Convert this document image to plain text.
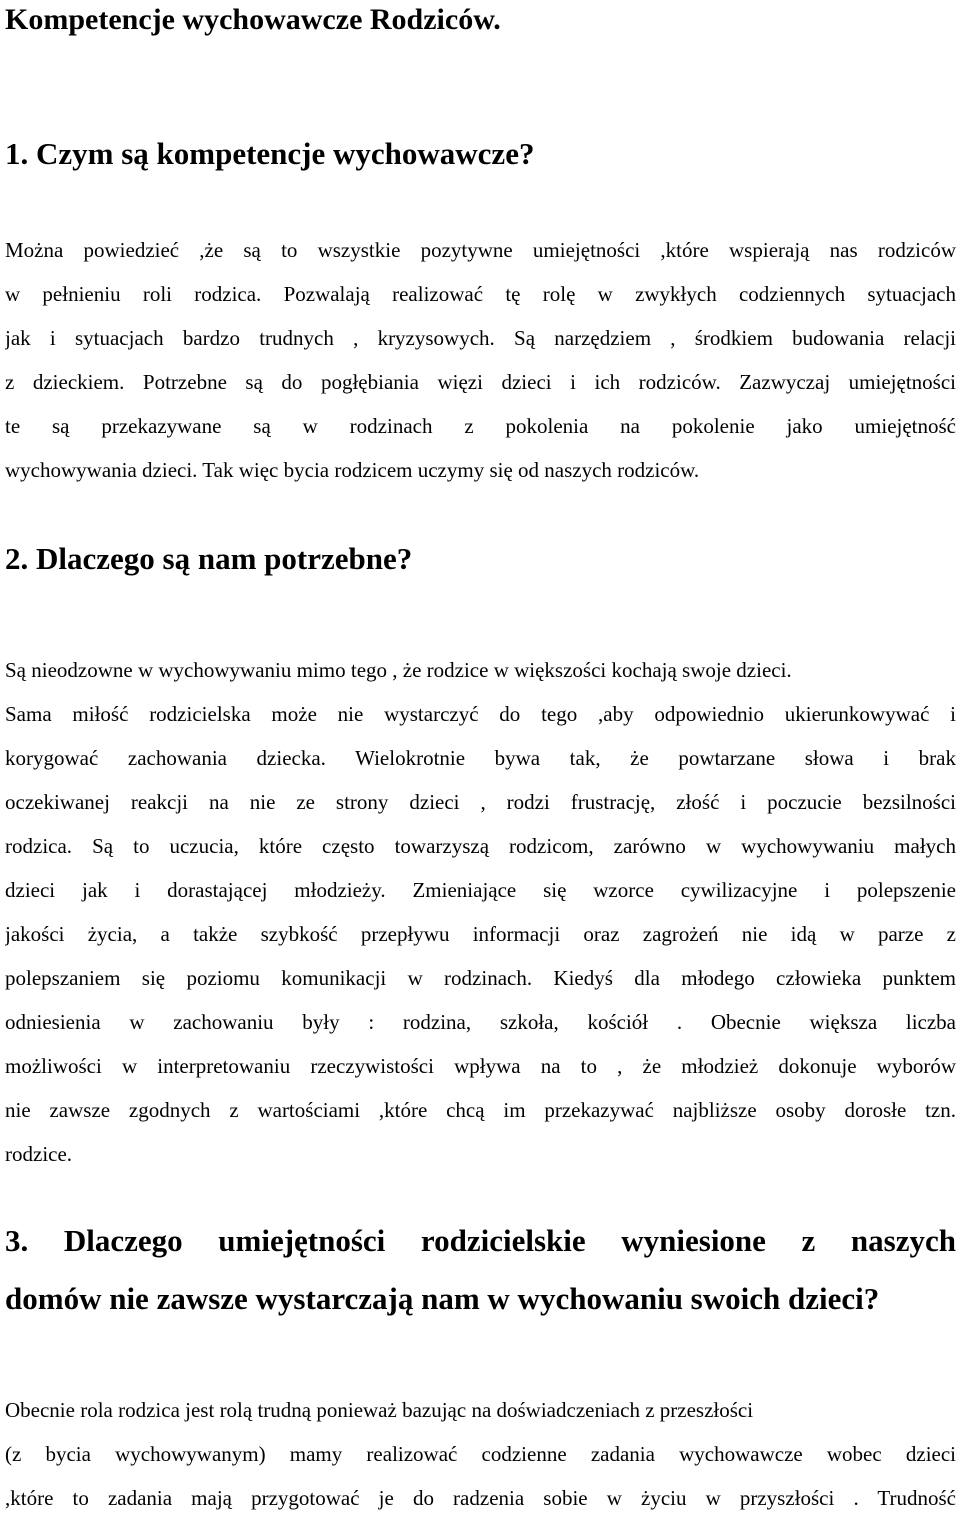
Kompetencje wychowawcze Rodziców.
1. Czym są kompetencje wychowawcze?
Można powiedzieć ,że są to wszystkie pozytywne umiejętności ,które wspierają nas rodziców
w pełnieniu roli rodzica. Pozwalają realizować tę rolę w zwykłych codziennych sytuacjach
jak i sytuacjach bardzo trudnych , kryzysowych. Są narzędziem , środkiem budowania relacji
z dzieckiem. Potrzebne są do pogłębiania więzi dzieci i ich rodziców. Zazwyczaj umiejętności
te są przekazywane są w rodzinach z pokolenia na pokolenie jako umiejętność
wychowywania dzieci. Tak więc bycia rodzicem uczymy się od naszych rodziców.
2. Dlaczego są nam potrzebne?
Są nieodzowne w wychowywaniu mimo tego , że rodzice w większości kochają swoje dzieci.
Sama miłość rodzicielska może nie wystarczyć do tego ,aby odpowiednio ukierunkowywać i
korygować zachowania dziecka. Wielokrotnie bywa tak, że powtarzane słowa i brak
oczekiwanej reakcji na nie ze strony dzieci , rodzi frustrację, złość i poczucie bezsilności
rodzica. Są to uczucia, które często towarzyszą rodzicom, zarówno w wychowywaniu małych
dzieci jak i dorastającej młodzieży. Zmieniające się wzorce cywilizacyjne i polepszenie
jakości życia, a także szybkość przepływu informacji oraz zagrożeń nie idą w parze z
polepszaniem się poziomu komunikacji w rodzinach. Kiedyś dla młodego człowieka punktem
odniesienia w zachowaniu były : rodzina, szkoła, kościół . Obecnie większa liczba
możliwości w interpretowaniu rzeczywistości wpływa na to , że młodzież dokonuje wyborów
nie zawsze zgodnych z wartościami ,które chcą im przekazywać najbliższe osoby dorosłe tzn.
rodzice.
3. Dlaczego umiejętności rodzicielskie wyniesione z naszych
domów nie zawsze wystarczają nam w wychowaniu swoich dzieci?
Obecnie rola rodzica jest rolą trudną ponieważ bazując na doświadczeniach z przeszłości
(z bycia wychowywanym) mamy realizować codzienne zadania wychowawcze wobec dzieci
,które to zadania mają przygotować je do radzenia sobie w życiu w przyszłości . Trudność
